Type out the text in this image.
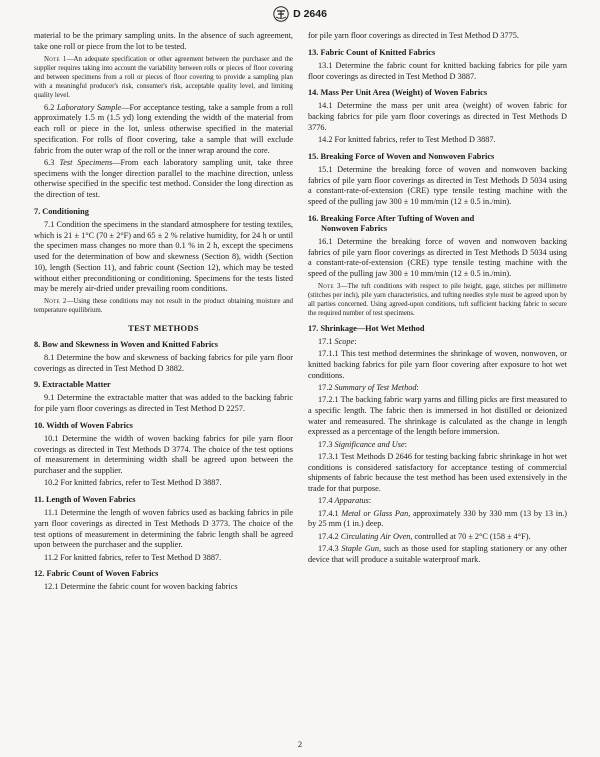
D 2646

material to be the primary sampling units. In the absence of such agreement, take one roll or piece from the lot to be tested.

Note 1—An adequate specification or other agreement between the purchaser and the supplier requires taking into account the variability between rolls or pieces of floor covering and between specimens from a roll or pieces of floor covering to provide a sampling plan with a meaningful producer's risk, consumer's risk, acceptable quality level, and limiting quality level.

6.2 Laboratory Sample—For acceptance testing, take a sample from a roll approximately 1.5 m (1.5 yd) long extending the width of the material from each roll or piece in the lot, unless otherwise specified in the material specification. For rolls of floor covering, take a sample that will exclude fabric from the outer wrap of the roll or the inner wrap around the core.

6.3 Test Specimens—From each laboratory sampling unit, take three specimens with the longer direction parallel to the machine direction, unless otherwise specified in the specific test method. Consider the long direction as the direction of test.

7. Conditioning

7.1 Condition the specimens in the standard atmosphere for testing textiles, which is 21 ± 1°C (70 ± 2°F) and 65 ± 2 % relative humidity, for 24 h or until the specimen mass changes no more than 0.1 % in 2 h, except the specimens used for the determination of bow and skewness (Section 8), width (Section 10), length (Section 11), and fabric count (Section 12), which may be tested without either preconditioning or conditioning. Specimens for the tests listed may be merely air-dried under prevailing room conditions.

Note 2—Using these conditions may not result in the product obtaining moisture and temperature equilibrium.

TEST METHODS
8. Bow and Skewness in Woven and Knitted Fabrics

8.1 Determine the bow and skewness of backing fabrics for pile yarn floor coverings as directed in Test Method D 3882.

9. Extractable Matter

9.1 Determine the extractable matter that was added to the backing fabric for pile yarn floor coverings as directed in Test Method D 2257.

10. Width of Woven Fabrics

10.1 Determine the width of woven backing fabrics for pile yarn floor coverings as directed in Test Methods D 3774. The choice of the test options of measurement in determining width shall be agreed upon between the purchaser and the supplier.

10.2 For knitted fabrics, refer to Test Method D 3887.

11. Length of Woven Fabrics

11.1 Determine the length of woven fabrics used as backing fabrics in pile yarn floor coverings as directed in Test Methods D 3773. The choice of the test options of measurement in determining the fabric length shall be agreed upon between the purchaser and the supplier.

11.2 For knitted fabrics, refer to Test Method D 3887.

12. Fabric Count of Woven Fabrics

12.1 Determine the fabric count for woven backing fabrics

for pile yarn floor coverings as directed in Test Method D 3775.

13. Fabric Count of Knitted Fabrics

13.1 Determine the fabric count for knitted backing fabrics for pile yarn floor coverings as directed in Test Method D 3887.

14. Mass Per Unit Area (Weight) of Woven Fabrics

14.1 Determine the mass per unit area (weight) of woven fabric for backing fabrics for pile yarn floor coverings as directed in Test Methods D 3776.

14.2 For knitted fabrics, refer to Test Method D 3887.

15. Breaking Force of Woven and Nonwoven Fabrics

15.1 Determine the breaking force of woven and nonwoven backing fabrics of pile yarn floor coverings as directed in Test Methods D 5034 using a constant-rate-of-extension (CRE) type tensile testing machine with the speed of the pulling jaw 300 ± 10 mm/min (12 ± 0.5 in./min).

16. Breaking Force After Tufting of Woven and
Nonwoven Fabrics

16.1 Determine the breaking force of woven and nonwoven backing fabrics of pile yarn floor coverings as directed in Test Methods D 5034 using a constant-rate-of-extension (CRE) type tensile testing machine with the speed of the pulling jaw 300 ± 10 mm/min (12 ± 0.5 in./min).

Note 3—The tuft conditions with respect to pile height, gage, stitches per millimetre (stitches per inch), pile yarn characteristics, and tufting needles style must be agreed upon by all parties concerned. Using agreed-upon conditions, tuft sufficient backing fabric to secure the required number of test specimens.

17. Shrinkage—Hot Wet Method

17.1 Scope:

17.1.1 This test method determines the shrinkage of woven, nonwoven, or knitted backing fabrics for pile yarn floor covering after exposure to hot wet conditions.

17.2 Summary of Test Method:

17.2.1 The backing fabric warp yarns and filling picks are first measured to a specific length. The fabric then is immersed in hot distilled or deionized water and remeasured. The shrinkage is calculated as the change in length expressed as a percentage of the length before immersion.

17.3 Significance and Use:

17.3.1 Test Methods D 2646 for testing backing fabric shrinkage in hot wet conditions is considered satisfactory for acceptance testing of commercial shipments of fabric because the test method has been used extensively in the trade for that purpose.

17.4 Apparatus:

17.4.1 Metal or Glass Pan, approximately 330 by 330 mm (13 by 13 in.) by 25 mm (1 in.) deep.

17.4.2 Circulating Air Oven, controlled at 70 ± 2°C (158 ± 4°F).

17.4.3 Staple Gun, such as those used for stapling stationery or any other device that will produce a suitable waterproof mark.

2
